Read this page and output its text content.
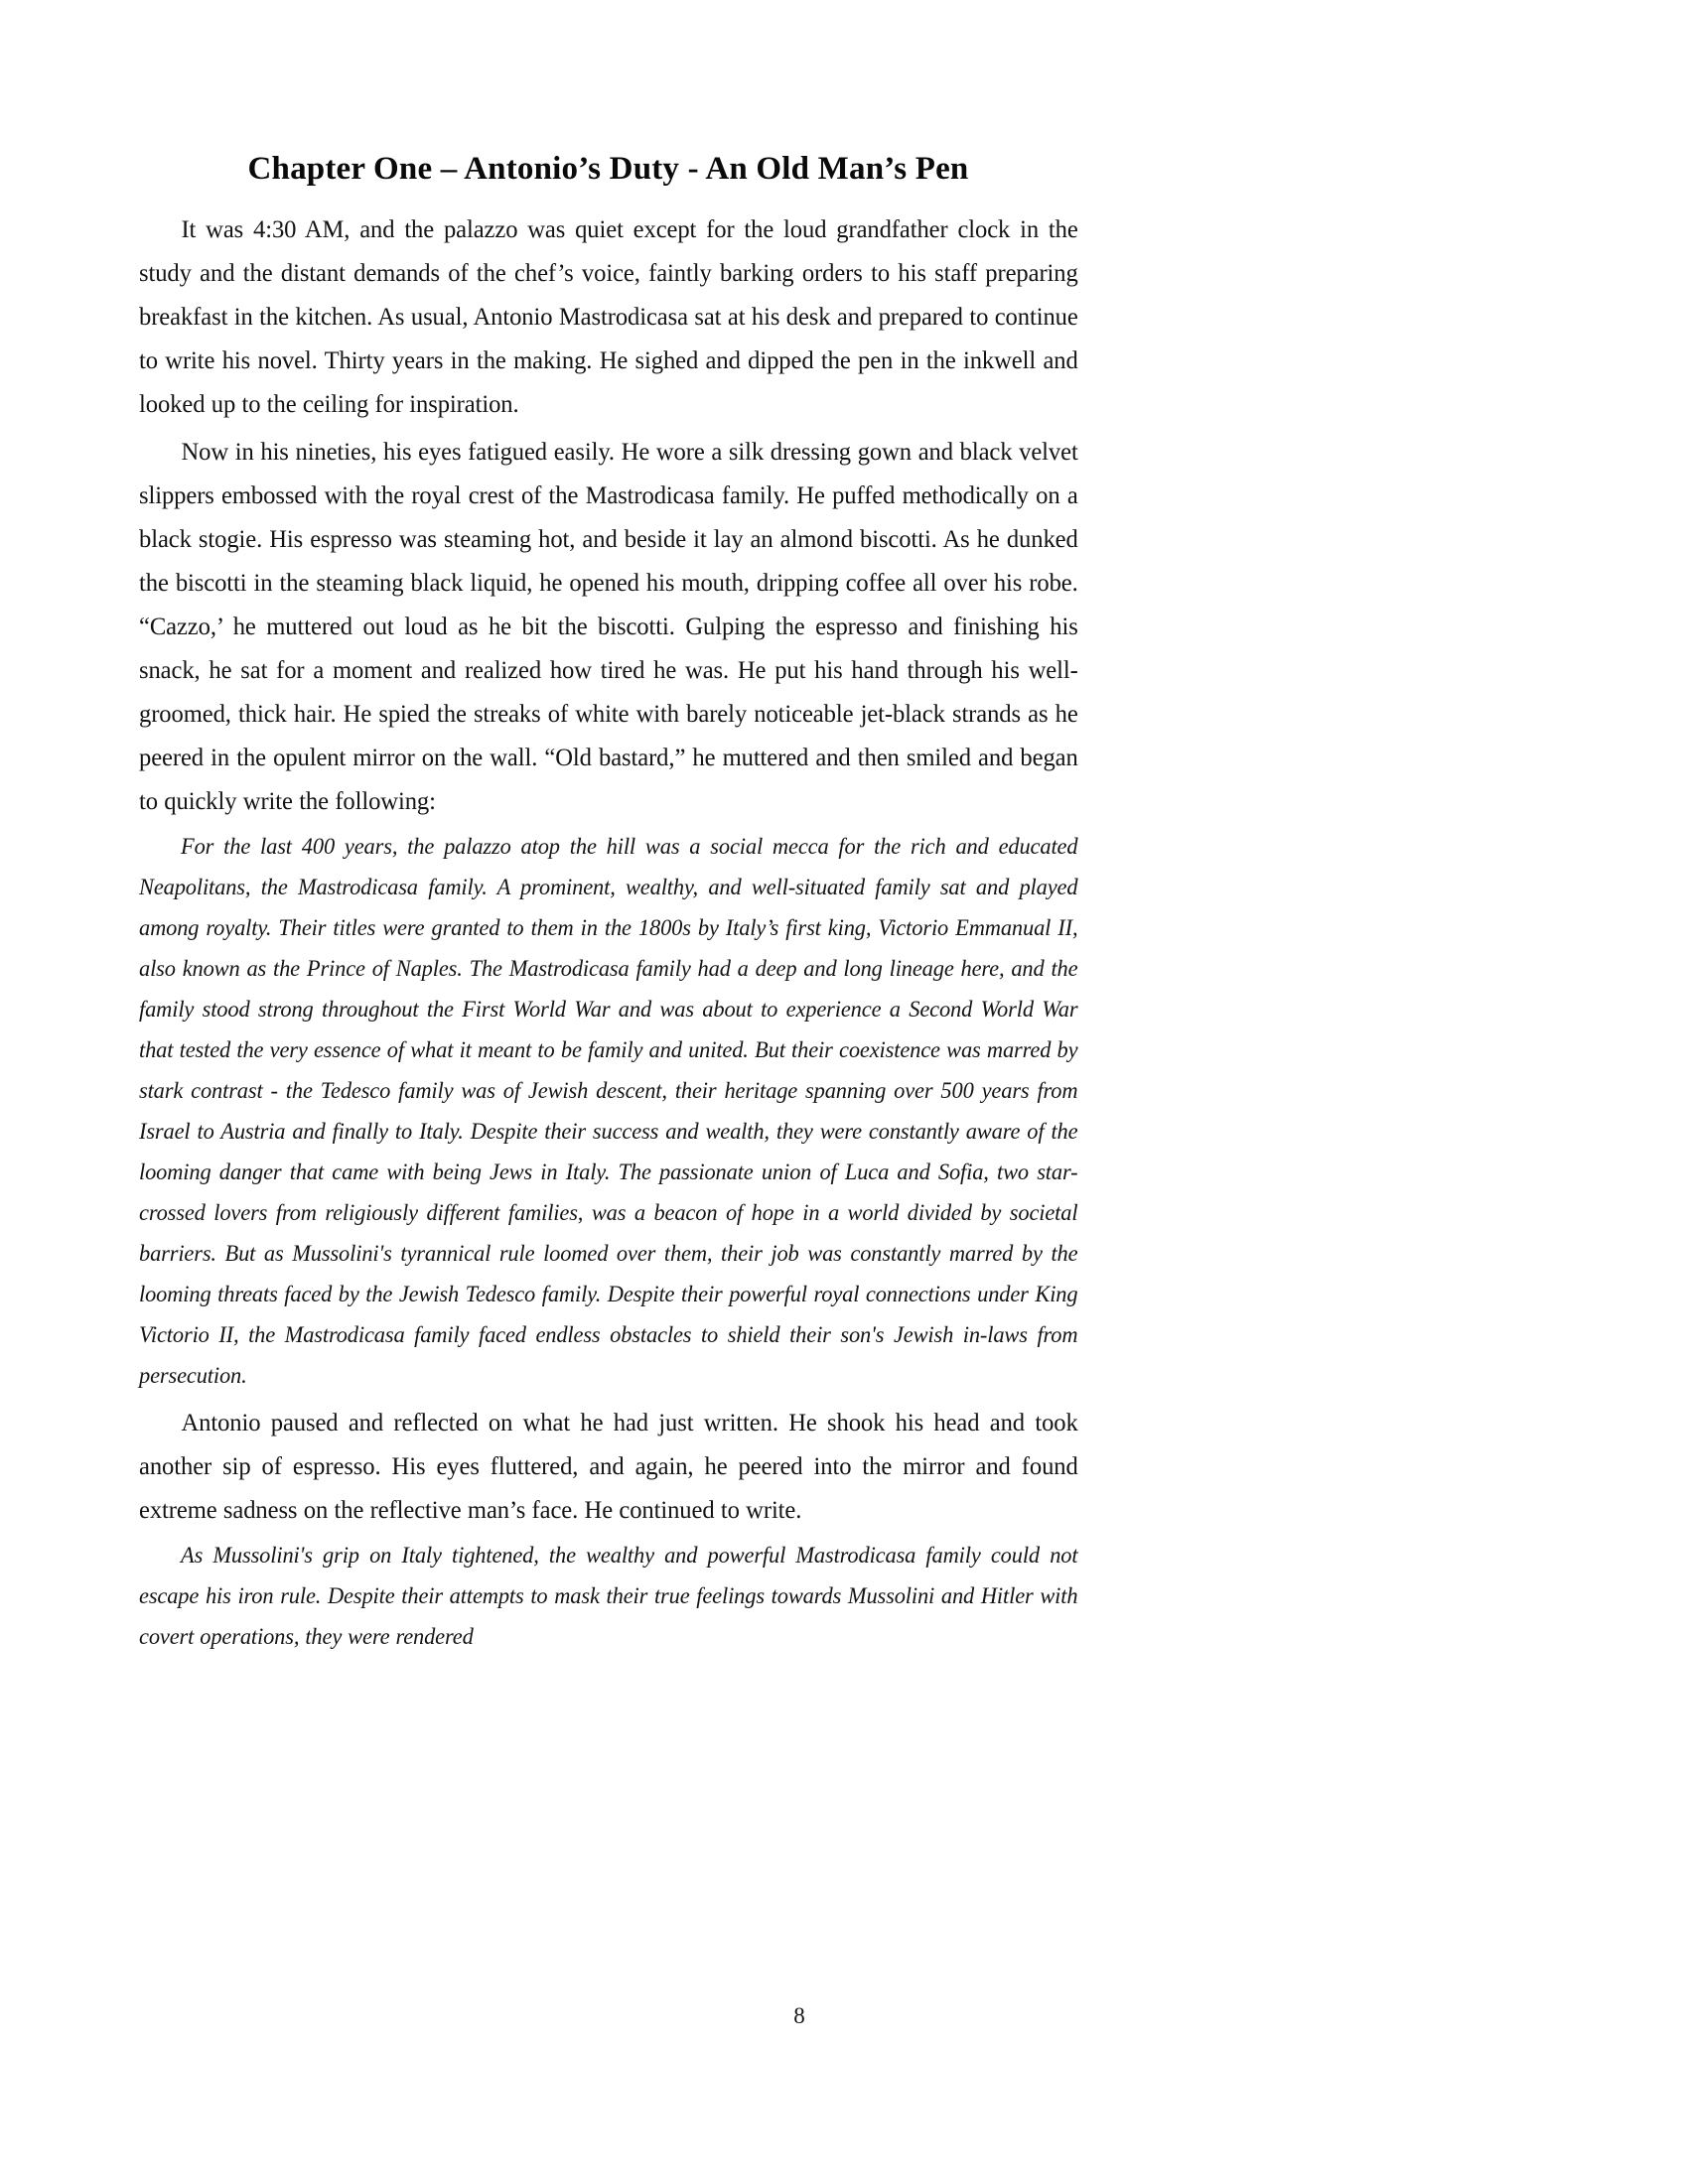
Chapter One – Antonio’s Duty - An Old Man’s Pen

It was 4:30 AM, and the palazzo was quiet except for the loud grandfather clock in the study and the distant demands of the chef’s voice, faintly barking orders to his staff preparing breakfast in the kitchen. As usual, Antonio Mastrodicasa sat at his desk and prepared to continue to write his novel. Thirty years in the making. He sighed and dipped the pen in the inkwell and looked up to the ceiling for inspiration.

Now in his nineties, his eyes fatigued easily. He wore a silk dressing gown and black velvet slippers embossed with the royal crest of the Mastrodicasa family. He puffed methodically on a black stogie. His espresso was steaming hot, and beside it lay an almond biscotti. As he dunked the biscotti in the steaming black liquid, he opened his mouth, dripping coffee all over his robe. “Cazzo,’ he muttered out loud as he bit the biscotti. Gulping the espresso and finishing his snack, he sat for a moment and realized how tired he was. He put his hand through his well-groomed, thick hair. He spied the streaks of white with barely noticeable jet-black strands as he peered in the opulent mirror on the wall. “Old bastard,” he muttered and then smiled and began to quickly write the following:

For the last 400 years, the palazzo atop the hill was a social mecca for the rich and educated Neapolitans, the Mastrodicasa family. A prominent, wealthy, and well-situated family sat and played among royalty. Their titles were granted to them in the 1800s by Italy’s first king, Victorio Emmanual II, also known as the Prince of Naples. The Mastrodicasa family had a deep and long lineage here, and the family stood strong throughout the First World War and was about to experience a Second World War that tested the very essence of what it meant to be family and united. But their coexistence was marred by stark contrast - the Tedesco family was of Jewish descent, their heritage spanning over 500 years from Israel to Austria and finally to Italy. Despite their success and wealth, they were constantly aware of the looming danger that came with being Jews in Italy. The passionate union of Luca and Sofia, two star-crossed lovers from religiously different families, was a beacon of hope in a world divided by societal barriers. But as Mussolini's tyrannical rule loomed over them, their job was constantly marred by the looming threats faced by the Jewish Tedesco family. Despite their powerful royal connections under King Victorio II, the Mastrodicasa family faced endless obstacles to shield their son's Jewish in-laws from persecution.

Antonio paused and reflected on what he had just written. He shook his head and took another sip of espresso. His eyes fluttered, and again, he peered into the mirror and found extreme sadness on the reflective man’s face. He continued to write.

As Mussolini's grip on Italy tightened, the wealthy and powerful Mastrodicasa family could not escape his iron rule. Despite their attempts to mask their true feelings towards Mussolini and Hitler with covert operations, they were rendered

8
